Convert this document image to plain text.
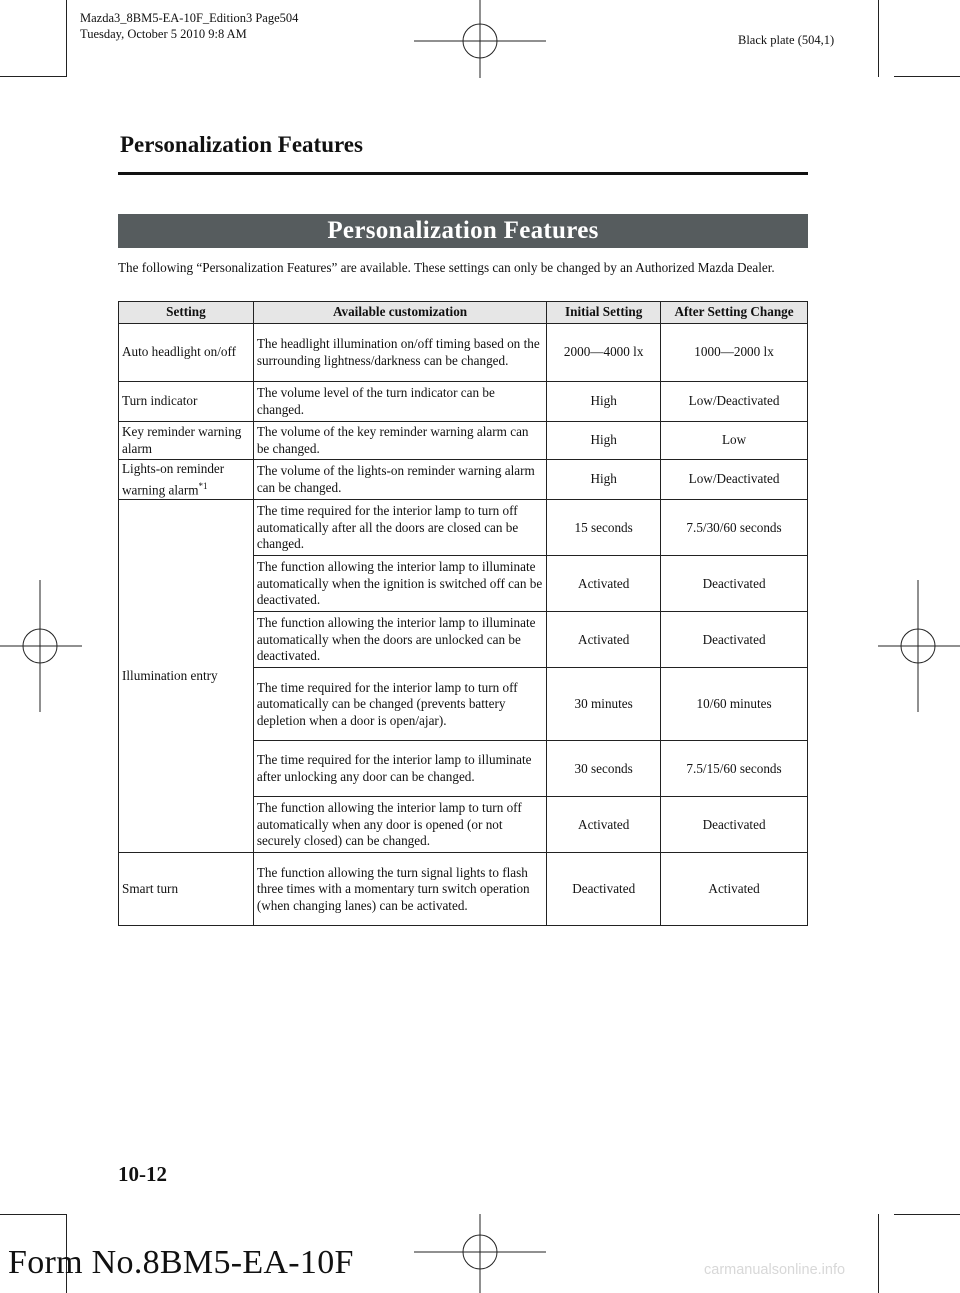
Mazda3_8BM5-EA-10F_Edition3 Page504
Tuesday, October 5 2010 9:8 AM	Black plate (504,1)
Personalization Features
Personalization Features

The following “Personalization Features” are available. These settings can only be changed by an Authorized Mazda Dealer.

Setting	Available customization	Initial Setting	After Setting Change
Auto headlight on/off	The headlight illumination on/off timing based on the surrounding lightness/darkness can be changed.	2000—4000 lx	1000—2000 lx
Turn indicator	The volume level of the turn indicator can be changed.	High	Low/Deactivated
Key reminder warning alarm	The volume of the key reminder warning alarm can be changed.	High	Low
Lights-on reminder warning alarm$^{*1}$	The volume of the lights-on reminder warning alarm can be changed.	High	Low/Deactivated
Illumination entry	The time required for the interior lamp to turn off automatically after all the doors are closed can be changed.	15 seconds	7.5/30/60 seconds
	The function allowing the interior lamp to illuminate automatically when the ignition is switched off can be deactivated.	Activated	Deactivated
	The function allowing the interior lamp to illuminate automatically when the doors are unlocked can be deactivated.	Activated	Deactivated
	The time required for the interior lamp to turn off automatically can be changed (prevents battery depletion when a door is open/ajar).	30 minutes	10/60 minutes
	The time required for the interior lamp to illuminate after unlocking any door can be changed.	30 seconds	7.5/15/60 seconds
	The function allowing the interior lamp to turn off automatically when any door is opened (or not securely closed) can be changed.	Activated	Deactivated
Smart turn	The function allowing the turn signal lights to flash three times with a momentary turn switch operation (when changing lanes) can be activated.	Deactivated	Activated
10-12
Form No.8BM5-EA-10F	carmanualsonline.info
